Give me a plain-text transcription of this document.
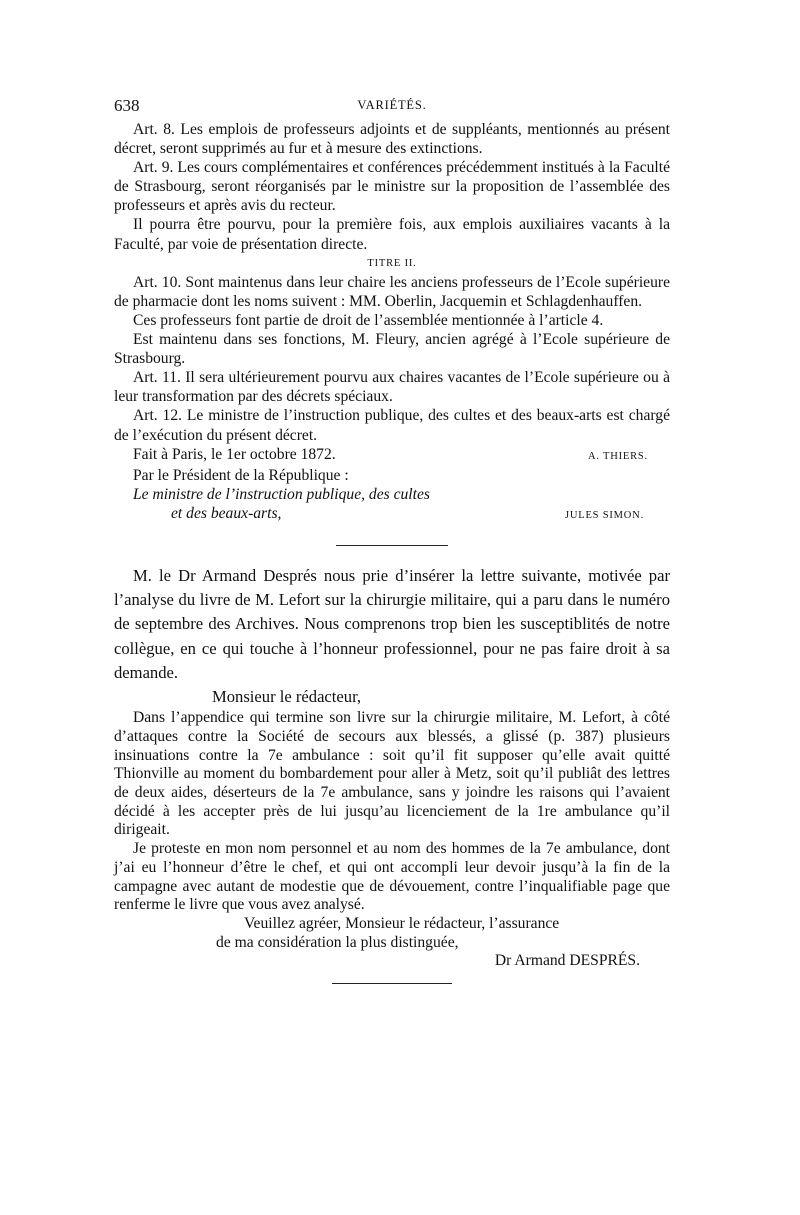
638	VARIÉTÉS.

Art. 8. Les emplois de professeurs adjoints et de suppléants, mentionnés au présent décret, seront supprimés au fur et à mesure des extinctions.

Art. 9. Les cours complémentaires et conférences précédemment institués à la Faculté de Strasbourg, seront réorganisés par le ministre sur la proposition de l’assemblée des professeurs et après avis du recteur.

Il pourra être pourvu, pour la première fois, aux emplois auxiliaires vacants à la Faculté, par voie de présentation directe.

TITRE II.

Art. 10. Sont maintenus dans leur chaire les anciens professeurs de l’Ecole supérieure de pharmacie dont les noms suivent : MM. Oberlin, Jacquemin et Schlagdenhauffen.

Ces professeurs font partie de droit de l’assemblée mentionnée à l’article 4.

Est maintenu dans ses fonctions, M. Fleury, ancien agrégé à l’Ecole supérieure de Strasbourg.

Art. 11. Il sera ultérieurement pourvu aux chaires vacantes de l’Ecole supérieure ou à leur transformation par des décrets spéciaux.

Art. 12. Le ministre de l’instruction publique, des cultes et des beaux-arts est chargé de l’exécution du présent décret.

Fait à Paris, le 1er octobre 1872.	A. THIERS.

Par le Président de la République :

Le ministre de l’instruction publique, des cultes

et des beaux-arts,	JULES SIMON.

M. le Dr Armand Després nous prie d’insérer la lettre suivante, motivée par l’analyse du livre de M. Lefort sur la chirurgie militaire, qui a paru dans le numéro de septembre des Archives. Nous comprenons trop bien les susceptiblités de notre collègue, en ce qui touche à l’honneur professionnel, pour ne pas faire droit à sa demande.

Monsieur le rédacteur,

Dans l’appendice qui termine son livre sur la chirurgie militaire, M. Lefort, à côté d’attaques contre la Société de secours aux blessés, a glissé (p. 387) plusieurs insinuations contre la 7e ambulance : soit qu’il fit supposer qu’elle avait quitté Thionville au moment du bombardement pour aller à Metz, soit qu’il publiât des lettres de deux aides, déserteurs de la 7e ambulance, sans y joindre les raisons qui l’avaient décidé à les accepter près de lui jusqu’au licenciement de la 1re ambulance qu’il dirigeait.

Je proteste en mon nom personnel et au nom des hommes de la 7e ambulance, dont j’ai eu l’honneur d’être le chef, et qui ont accompli leur devoir jusqu’à la fin de la campagne avec autant de modestie que de dévouement, contre l’inqualifiable page que renferme le livre que vous avez analysé.

Veuillez agréer, Monsieur le rédacteur, l’assurance

de ma considération la plus distinguée,

Dr Armand DESPRÉS.
